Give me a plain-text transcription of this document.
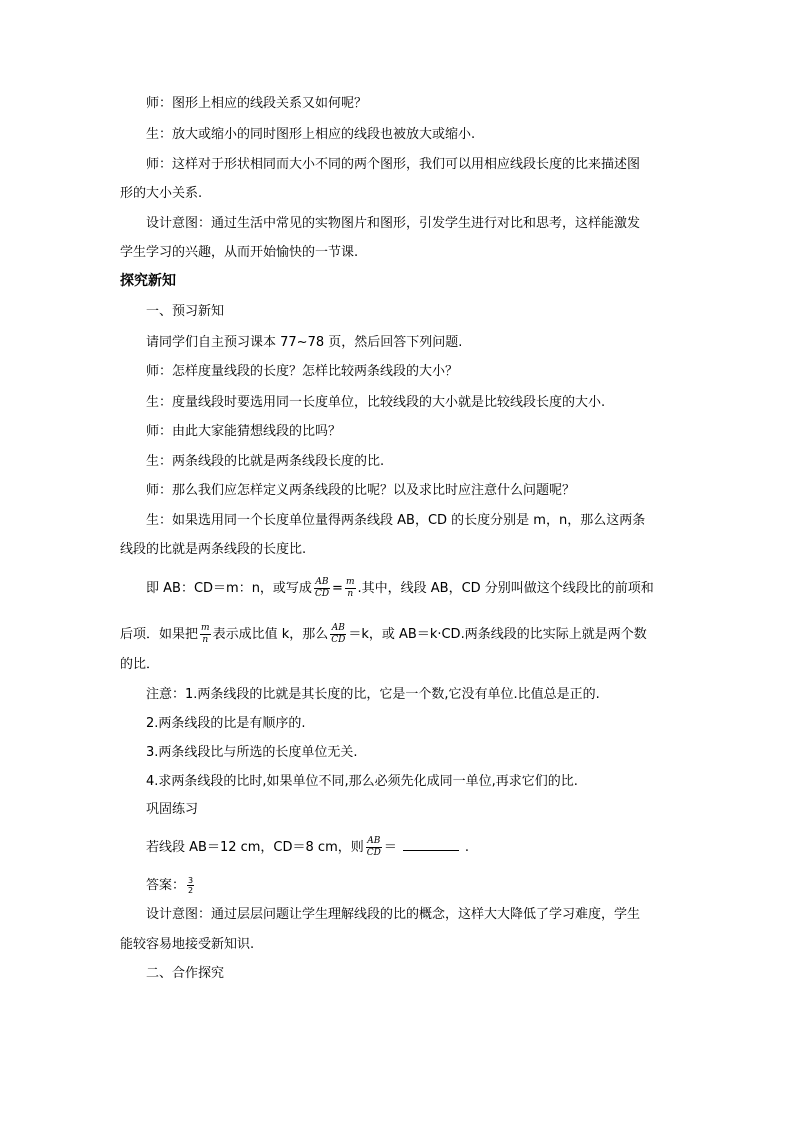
师：图形上相应的线段关系又如何呢？
生：放大或缩小的同时图形上相应的线段也被放大或缩小.
师：这样对于形状相同而大小不同的两个图形，我们可以用相应线段长度的比来描述图
形的大小关系.
设计意图：通过生活中常见的实物图片和图形，引发学生进行对比和思考，这样能激发
学生学习的兴趣，从而开始愉快的一节课.
探究新知
一、预习新知
请同学们自主预习课本 77~78 页，然后回答下列问题.
师：怎样度量线段的长度？怎样比较两条线段的大小？
生：度量线段时要选用同一长度单位，比较线段的大小就是比较线段长度的大小.
师：由此大家能猜想线段的比吗？
生：两条线段的比就是两条线段长度的比.
师：那么我们应怎样定义两条线段的比呢？以及求比时应注意什么问题呢？
生：如果选用同一个长度单位量得两条线段 AB，CD 的长度分别是 m，n，那么这两条
线段的比就是两条线段的长度比.
即 AB：CD＝m：n，或写成 $\frac{AB}{CD} = \frac{m}{n}$ .其中，线段 AB，CD 分别叫做这个线段比的前项和
后项．如果把 $\frac{m}{n}$ 表示成比值 k，那么 $\frac{AB}{CD} =k$，或 AB＝k·CD.两条线段的比实际上就是两个数
的比．
注意：1.两条线段的比就是其长度的比，它是一个数,它没有单位.比值总是正的.
2.两条线段的比是有顺序的.
3.两条线段比与所选的长度单位无关.
4.求两条线段的比时,如果单位不同,那么必须先化成同一单位,再求它们的比.
巩固练习
若线段 AB＝12 cm，CD＝8 cm，则 $\frac{AB}{CD}$ ＝	.
答案： $\frac{3}{2}$
设计意图：通过层层问题让学生理解线段的比的概念，这样大大降低了学习难度，学生
能较容易地接受新知识.
二、合作探究
